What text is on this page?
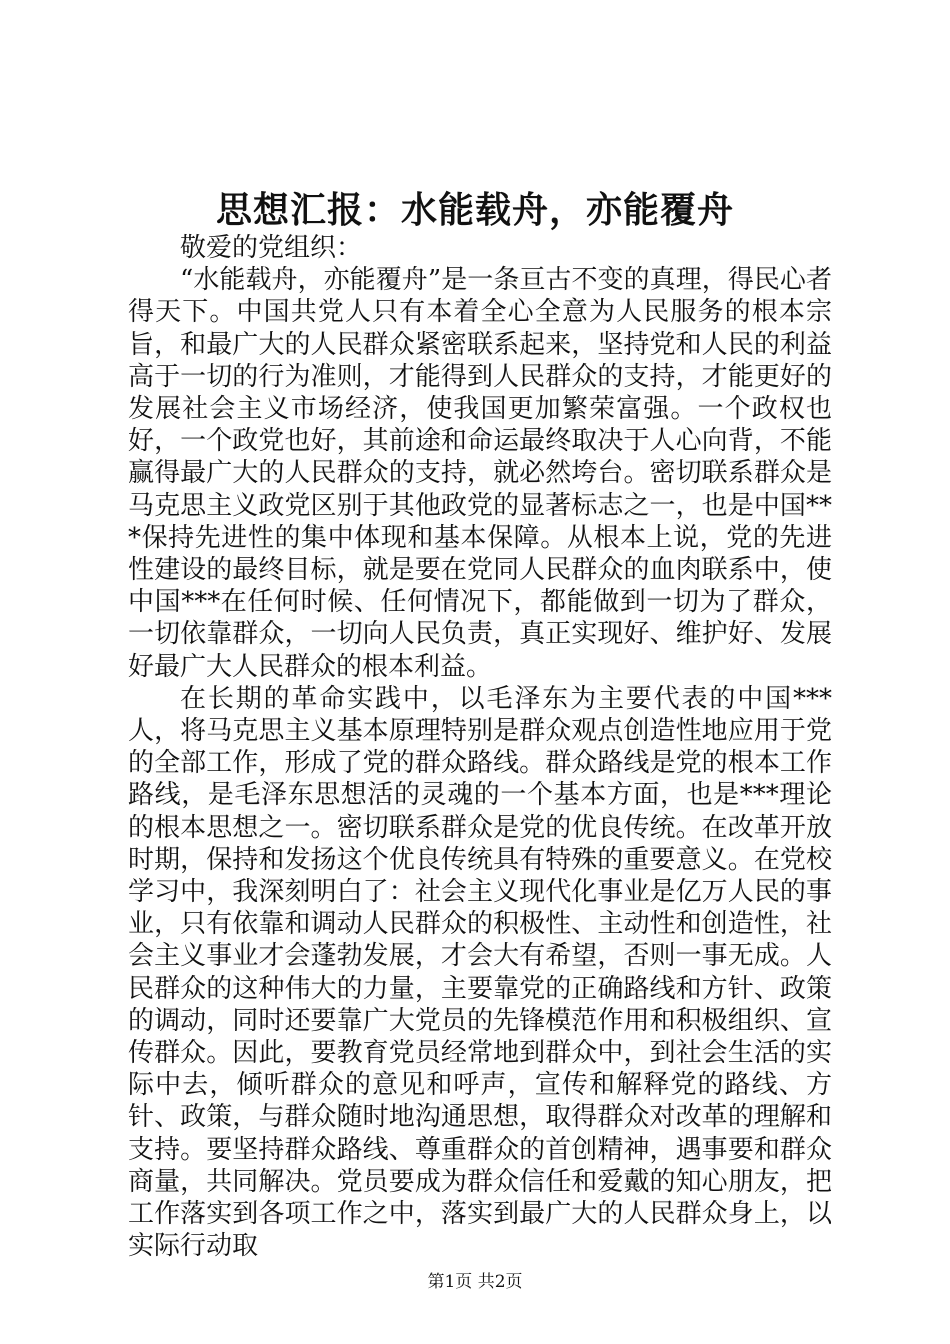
思想汇报：水能载舟，亦能覆舟

敬爱的党组织：

“水能载舟，亦能覆舟”是一条亘古不变的真理，得民心者得天下。中国共党人只有本着全心全意为人民服务的根本宗旨，和最广大的人民群众紧密联系起来，坚持党和人民的利益高于一切的行为准则，才能得到人民群众的支持，才能更好的发展社会主义市场经济，使我国更加繁荣富强。一个政权也好，一个政党也好，其前途和命运最终取决于人心向背，不能赢得最广大的人民群众的支持，就必然垮台。密切联系群众是马克思主义政党区别于其他政党的显著标志之一，也是中国***保持先进性的集中体现和基本保障。从根本上说，党的先进性建设的最终目标，就是要在党同人民群众的血肉联系中，使中国***在任何时候、任何情况下，都能做到一切为了群众，一切依靠群众，一切向人民负责，真正实现好、维护好、发展好最广大人民群众的根本利益。

在长期的革命实践中，以毛泽东为主要代表的中国***人，将马克思主义基本原理特别是群众观点创造性地应用于党的全部工作，形成了党的群众路线。群众路线是党的根本工作路线，是毛泽东思想活的灵魂的一个基本方面，也是***理论的根本思想之一。密切联系群众是党的优良传统。在改革开放时期，保持和发扬这个优良传统具有特殊的重要意义。在党校学习中，我深刻明白了：社会主义现代化事业是亿万人民的事业，只有依靠和调动人民群众的积极性、主动性和创造性，社会主义事业才会蓬勃发展，才会大有希望，否则一事无成。人民群众的这种伟大的力量，主要靠党的正确路线和方针、政策的调动，同时还要靠广大党员的先锋模范作用和积极组织、宣传群众。因此，要教育党员经常地到群众中，到社会生活的实际中去，倾听群众的意见和呼声，宣传和解释党的路线、方针、政策，与群众随时地沟通思想，取得群众对改革的理解和支持。要坚持群众路线、尊重群众的首创精神，遇事要和群众商量，共同解决。党员要成为群众信任和爱戴的知心朋友，把工作落实到各项工作之中，落实到最广大的人民群众身上，以实际行动取

第1页 共2页
